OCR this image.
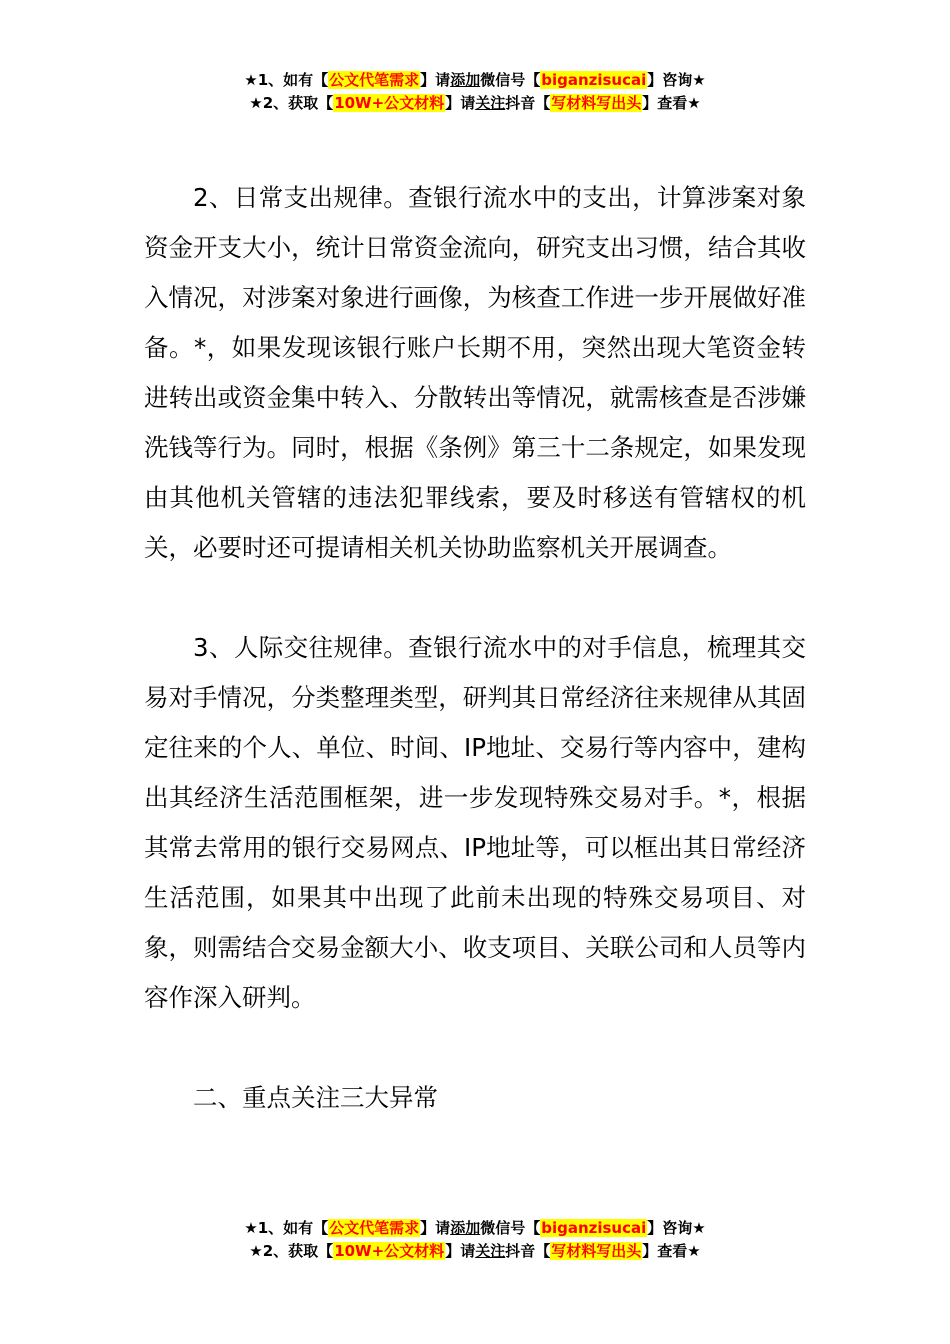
★1、如有【公文代笔需求】请添加微信号【biganzisucai】咨询★
★2、获取【10W+公文材料】请关注抖音【写材料写出头】查看★

2、日常支出规律。查银行流水中的支出，计算涉案对象资金开支大小，统计日常资金流向，研究支出习惯，结合其收入情况，对涉案对象进行画像，为核查工作进一步开展做好准备。*，如果发现该银行账户长期不用，突然出现大笔资金转进转出或资金集中转入、分散转出等情况，就需核查是否涉嫌洗钱等行为。同时，根据《条例》第三十二条规定，如果发现由其他机关管辖的违法犯罪线索，要及时移送有管辖权的机关，必要时还可提请相关机关协助监察机关开展调查。

3、人际交往规律。查银行流水中的对手信息，梳理其交易对手情况，分类整理类型，研判其日常经济往来规律从其固定往来的个人、单位、时间、IP地址、交易行等内容中，建构出其经济生活范围框架，进一步发现特殊交易对手。*，根据其常去常用的银行交易网点、IP地址等，可以框出其日常经济生活范围，如果其中出现了此前未出现的特殊交易项目、对象，则需结合交易金额大小、收支项目、关联公司和人员等内容作深入研判。

二、重点关注三大异常

★1、如有【公文代笔需求】请添加微信号【biganzisucai】咨询★
★2、获取【10W+公文材料】请关注抖音【写材料写出头】查看★
